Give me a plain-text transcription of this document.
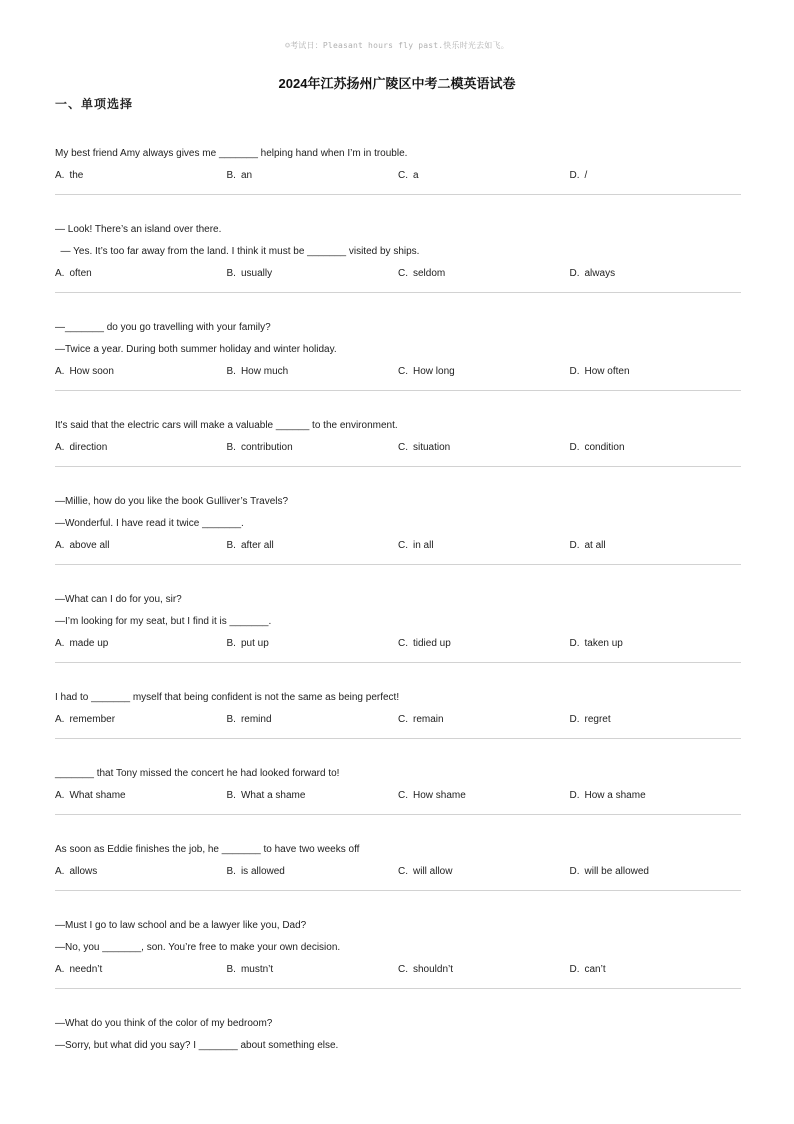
☺考试日：Pleasant hours fly past.快乐时光去如飞。
2024年江苏扬州广陵区中考二模英语试卷
一、单项选择
My best friend Amy always gives me _______ helping hand when I’m in trouble.
A. the	B. an	C. a	D. /
— Look! There’s an island over there.
— Yes. It’s too far away from the land. I think it must be _______ visited by ships.
A. often	B. usually	C. seldom	D. always
—_______ do you go travelling with your family?
—Twice a year. During both summer holiday and winter holiday.
A. How soon	B. How much	C. How long	D. How often
It's said that the electric cars will make a valuable ______ to the environment.
A. direction	B. contribution	C. situation	D. condition
—Millie, how do you like the book Gulliver’s Travels?
—Wonderful. I have read it twice _______.
A. above all	B. after all	C. in all	D. at all
—What can I do for you, sir?
—I’m looking for my seat, but I find it is _______.
A. made up	B. put up	C. tidied up	D. taken up
I had to _______ myself that being confident is not the same as being perfect!
A. remember	B. remind	C. remain	D. regret
_______ that Tony missed the concert he had looked forward to!
A. What shame	B. What a shame	C. How shame	D. How a shame
As soon as Eddie finishes the job, he _______ to have two weeks off
A. allows	B. is allowed	C. will allow	D. will be allowed
—Must I go to law school and be a lawyer like you, Dad?
—No, you _______, son. You’re free to make your own decision.
A. needn’t	B. mustn’t	C. shouldn’t	D. can’t
—What do you think of the color of my bedroom?
—Sorry, but what did you say? I _______ about something else.
